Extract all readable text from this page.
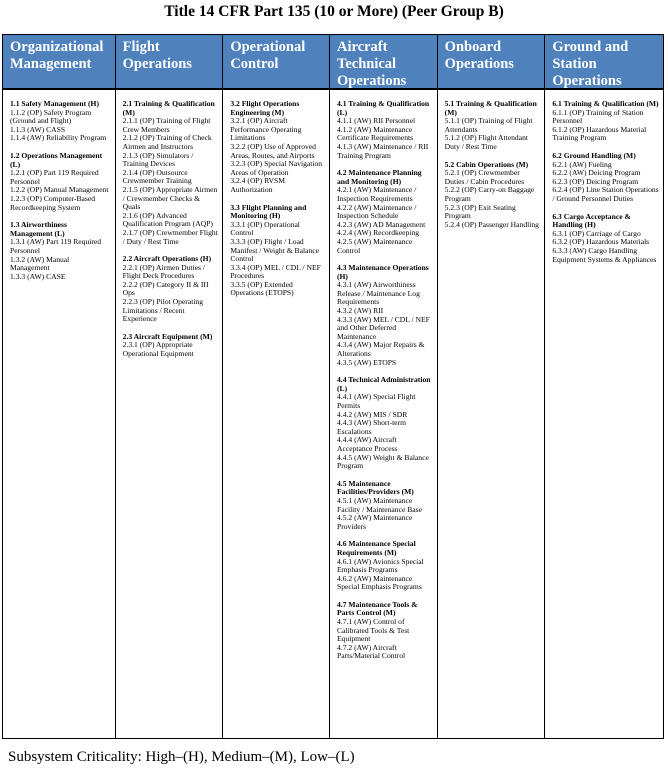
Title 14 CFR Part 135 (10 or More) (Peer Group B)
Organizational Management
1.1 Safety Management (H)
1.1.2 (OP) Safety Program (Ground and Flight)
1.1.3 (AW) CASS
1.1.4 (AW) Reliability Program
1.2 Operations Management (L)
1.2.1 (OP) Part 119 Required Personnel
1.2.2 (OP) Manual Management
1.2.3 (OP) Computer-Based Recordkeeping System
1.3 Airworthiness Management (L)
1.3.1 (AW) Part 119 Required Personnel
1.3.2 (AW) Manual Management
1.3.3 (AW) CASE
Flight Operations
2.1 Training & Qualification (M)
2.1.1 (OP) Training of Flight Crew Members
2.1.2 (OP) Training of Check Airmen and Instructors
2.1.3 (OP) Simulators / Training Devices
2.1.4 (OP) Outsource Crewmember Training
2.1.5 (OP) Appropriate Airmen / Crewmember Checks & Quals
2.1.6 (OP) Advanced Qualification Program (AQP)
2.1.7 (OP) Crewmember Flight / Duty / Rest Time
2.2 Aircraft Operations (H)
2.2.1 (OP) Airmen Duties / Flight Deck Procedures
2.2.2 (OP) Category II & III Ops
2.2.3 (OP) Pilot Operating Limitations / Recent Experience
2.3 Aircraft Equipment (M)
2.3.1 (OP) Appropriate Operational Equipment
Operational Control
3.2 Flight Operations Engineering (M)
3.2.1 (OP) Aircraft Performance Operating Limitations
3.2.2 (OP) Use of Approved Areas, Routes, and Airports
3.2.3 (OP) Special Navigation Areas of Operation
3.2.4 (OP) RVSM Authorization
3.3 Flight Planning and Monitoring (H)
3.3.1 (OP) Operational Control
3.3.3 (OP) Flight / Load Manifest / Weight & Balance Control
3.3.4 (OP) MEL / CDL / NEF Procedures
3.3.5 (OP) Extended Operations (ETOPS)
Aircraft Technical Operations
4.1 Training & Qualification (L)
4.1.1 (AW) RII Personnel
4.1.2 (AW) Maintenance Certificate Requirements
4.1.3 (AW) Maintenance / RII Training Program
4.2 Maintenance Planning and Monitoring (H)
4.2.1 (AW) Maintenance / Inspection Requirements
4.2.2 (AW) Maintenance / Inspection Schedule
4.2.3 (AW) AD Management
4.2.4 (AW) Recordkeeping
4.2.5 (AW) Maintenance Control
4.3 Maintenance Operations (H)
4.3.1 (AW) Airworthiness Release / Maintenance Log Requirements
4.3.2 (AW) RII
4.3.3 (AW) MEL / CDL / NEF and Other Deferred Maintenance
4.3.4 (AW) Major Repairs & Alterations
4.3.5 (AW) ETOPS
4.4 Technical Administration (L)
4.4.1 (AW) Special Flight Permits
4.4.2 (AW) MIS / SDR
4.4.3 (AW) Short-term Escalations
4.4.4 (AW) Aircraft Acceptance Process
4.4.5 (AW) Weight & Balance Program
4.5 Maintenance Facilities/Providers (M)
4.5.1 (AW) Maintenance Facility / Maintenance Base
4.5.2 (AW) Maintenance Providers
4.6 Maintenance Special Requirements (M)
4.6.1 (AW) Avionics Special Emphasis Programs
4.6.2 (AW) Maintenance Special Emphasis Programs
4.7 Maintenance Tools & Parts Control (M)
4.7.1 (AW) Control of Calibrated Tools & Test Equipment
4.7.2 (AW) Aircraft Parts/Material Control
Onboard Operations
5.1 Training & Qualification (M)
5.1.1 (OP) Training of Flight Attendants
5.1.2 (OP) Flight Attendant Duty / Rest Time
5.2 Cabin Operations (M)
5.2.1 (OP) Crewmember Duties / Cabin Procedures
5.2.2 (OP) Carry-on Baggage Program
5.2.3 (OP) Exit Seating Program
5.2.4 (OP) Passenger Handling
Ground and Station Operations
6.1 Training & Qualification (M)
6.1.1 (OP) Training of Station Personnel
6.1.2 (OP) Hazardous Material Training Program
6.2 Ground Handling (M)
6.2.1 (AW) Fueling
6.2.2 (AW) Deicing Program
6.2.3 (OP) Deicing Program
6.2.4 (OP) Line Station Operations / Ground Personnel Duties
6.3 Cargo Acceptance & Handling (H)
6.3.1 (OP) Carriage of Cargo
6.3.2 (OP) Hazardous Materials
6.3.3 (AW) Cargo Handling Equipment Systems & Appliances
Subsystem Criticality: High–(H), Medium–(M), Low–(L)
